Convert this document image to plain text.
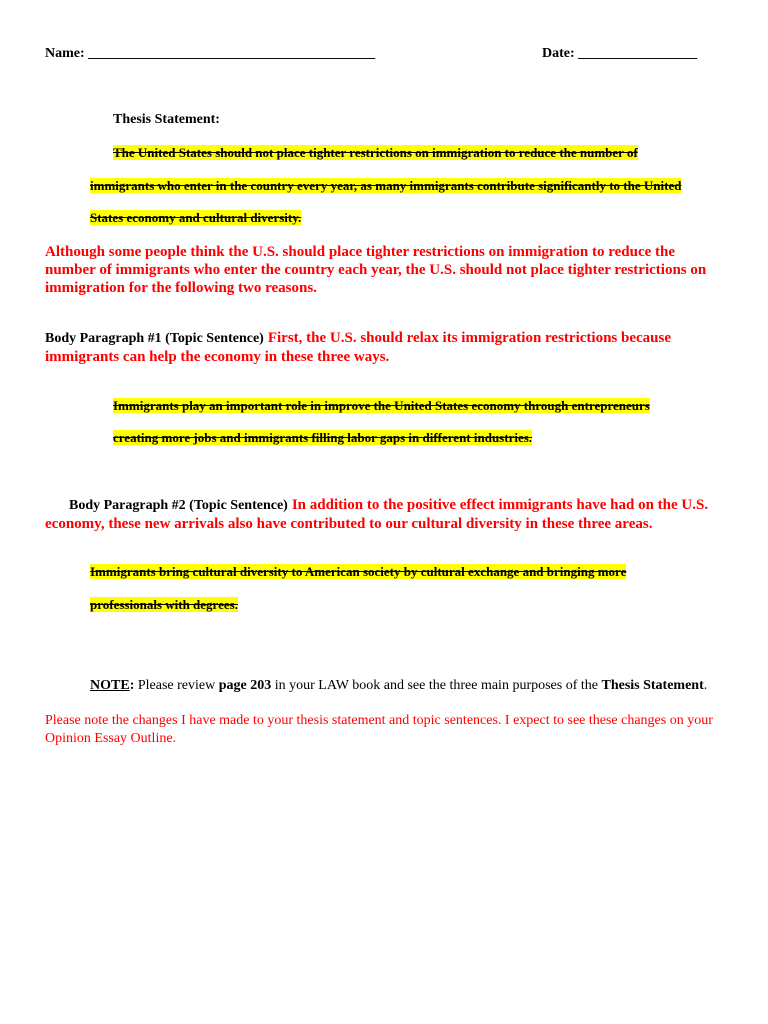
Name: _________________________________________	Date: _________________
Thesis Statement:
The United States should not place tighter restrictions on immigration to reduce the number of
immigrants who enter in the country every year, as many immigrants contribute significantly to the United
States economy and cultural diversity.
Although some people think the U.S. should place tighter restrictions on immigration to reduce the number of immigrants who enter the country each year, the U.S. should not place tighter restrictions on immigration for the following two reasons.
Body Paragraph #1 (Topic Sentence) First, the U.S. should relax its immigration restrictions because immigrants can help the economy in these three ways.
Immigrants play an important role in improve the United States economy through entrepreneurs
creating more jobs and immigrants filling labor gaps in different industries.
Body Paragraph #2 (Topic Sentence) In addition to the positive effect immigrants have had on the U.S. economy, these new arrivals also have contributed to our cultural diversity in these three areas.
Immigrants bring cultural diversity to American society by cultural exchange and bringing more
professionals with degrees.
NOTE: Please review page 203 in your LAW book and see the three main purposes of the Thesis Statement.
Please note the changes I have made to your thesis statement and topic sentences. I expect to see these changes on your Opinion Essay Outline.
